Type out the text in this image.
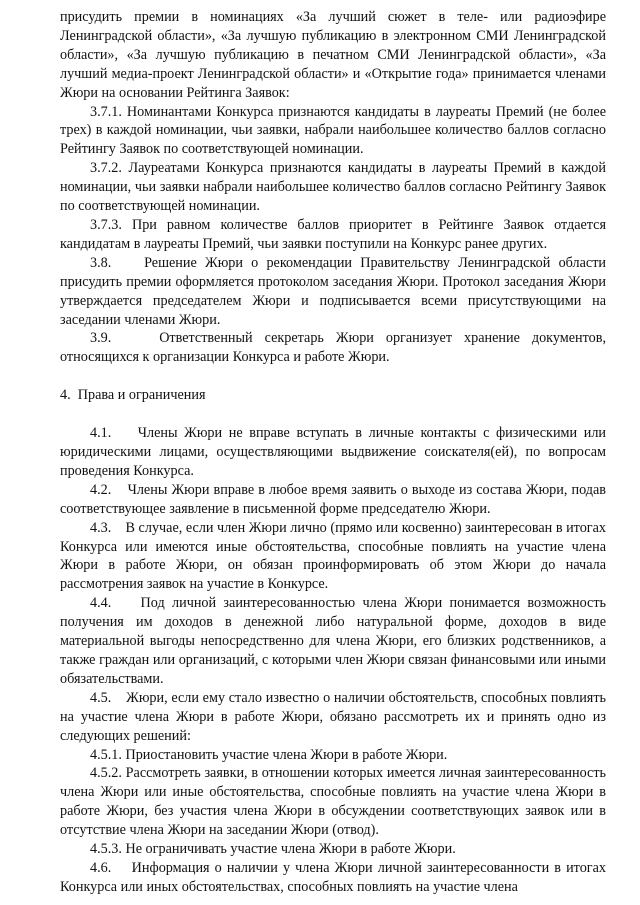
присудить премии в номинациях «За лучший сюжет в теле- или радиоэфире Ленинградской области», «За лучшую публикацию в электронном СМИ Ленинградской области», «За лучшую публикацию в печатном СМИ Ленинградской области», «За лучший медиа-проект Ленинградской области» и «Открытие года» принимается членами Жюри на основании Рейтинга Заявок:

3.7.1. Номинантами Конкурса признаются кандидаты в лауреаты Премий (не более трех) в каждой номинации, чьи заявки, набрали наибольшее количество баллов согласно Рейтингу Заявок по соответствующей номинации.

3.7.2. Лауреатами Конкурса признаются кандидаты в лауреаты Премий в каждой номинации, чьи заявки набрали наибольшее количество баллов согласно Рейтингу Заявок по соответствующей номинации.

3.7.3. При равном количестве баллов приоритет в Рейтинге Заявок отдается кандидатам в лауреаты Премий, чьи заявки поступили на Конкурс ранее других.

3.8.    Решение Жюри о рекомендации Правительству Ленинградской области присудить премии оформляется протоколом заседания Жюри. Протокол заседания Жюри утверждается председателем Жюри и подписывается всеми присутствующими на заседании членами Жюри.

3.9.    Ответственный секретарь Жюри организует хранение документов, относящихся к организации Конкурса и работе Жюри.

4.  Права и ограничения

4.1.    Члены Жюри не вправе вступать в личные контакты с физическими или юридическими лицами, осуществляющими выдвижение соискателя(ей), по вопросам проведения Конкурса.

4.2.    Члены Жюри вправе в любое время заявить о выходе из состава Жюри, подав соответствующее заявление в письменной форме председателю Жюри.

4.3.    В случае, если член Жюри лично (прямо или косвенно) заинтересован в итогах Конкурса или имеются иные обстоятельства, способные повлиять на участие члена Жюри в работе Жюри, он обязан проинформировать об этом Жюри до начала рассмотрения заявок на участие в Конкурсе.

4.4.    Под личной заинтересованностью члена Жюри понимается возможность получения им доходов в денежной либо натуральной форме, доходов в виде материальной выгоды непосредственно для члена Жюри, его близких родственников, а также граждан или организаций, с которыми член Жюри связан финансовыми или иными обязательствами.

4.5.    Жюри, если ему стало известно о наличии обстоятельств, способных повлиять на участие члена Жюри в работе Жюри, обязано рассмотреть их и принять одно из следующих решений:

4.5.1. Приостановить участие члена Жюри в работе Жюри.

4.5.2. Рассмотреть заявки, в отношении которых имеется личная заинтересованность члена Жюри или иные обстоятельства, способные повлиять на участие члена Жюри в работе Жюри, без участия члена Жюри в обсуждении соответствующих заявок или в отсутствие члена Жюри на заседании Жюри (отвод).

4.5.3. Не ограничивать участие члена Жюри в работе Жюри.

4.6.    Информация о наличии у члена Жюри личной заинтересованности в итогах Конкурса или иных обстоятельствах, способных повлиять на участие члена
